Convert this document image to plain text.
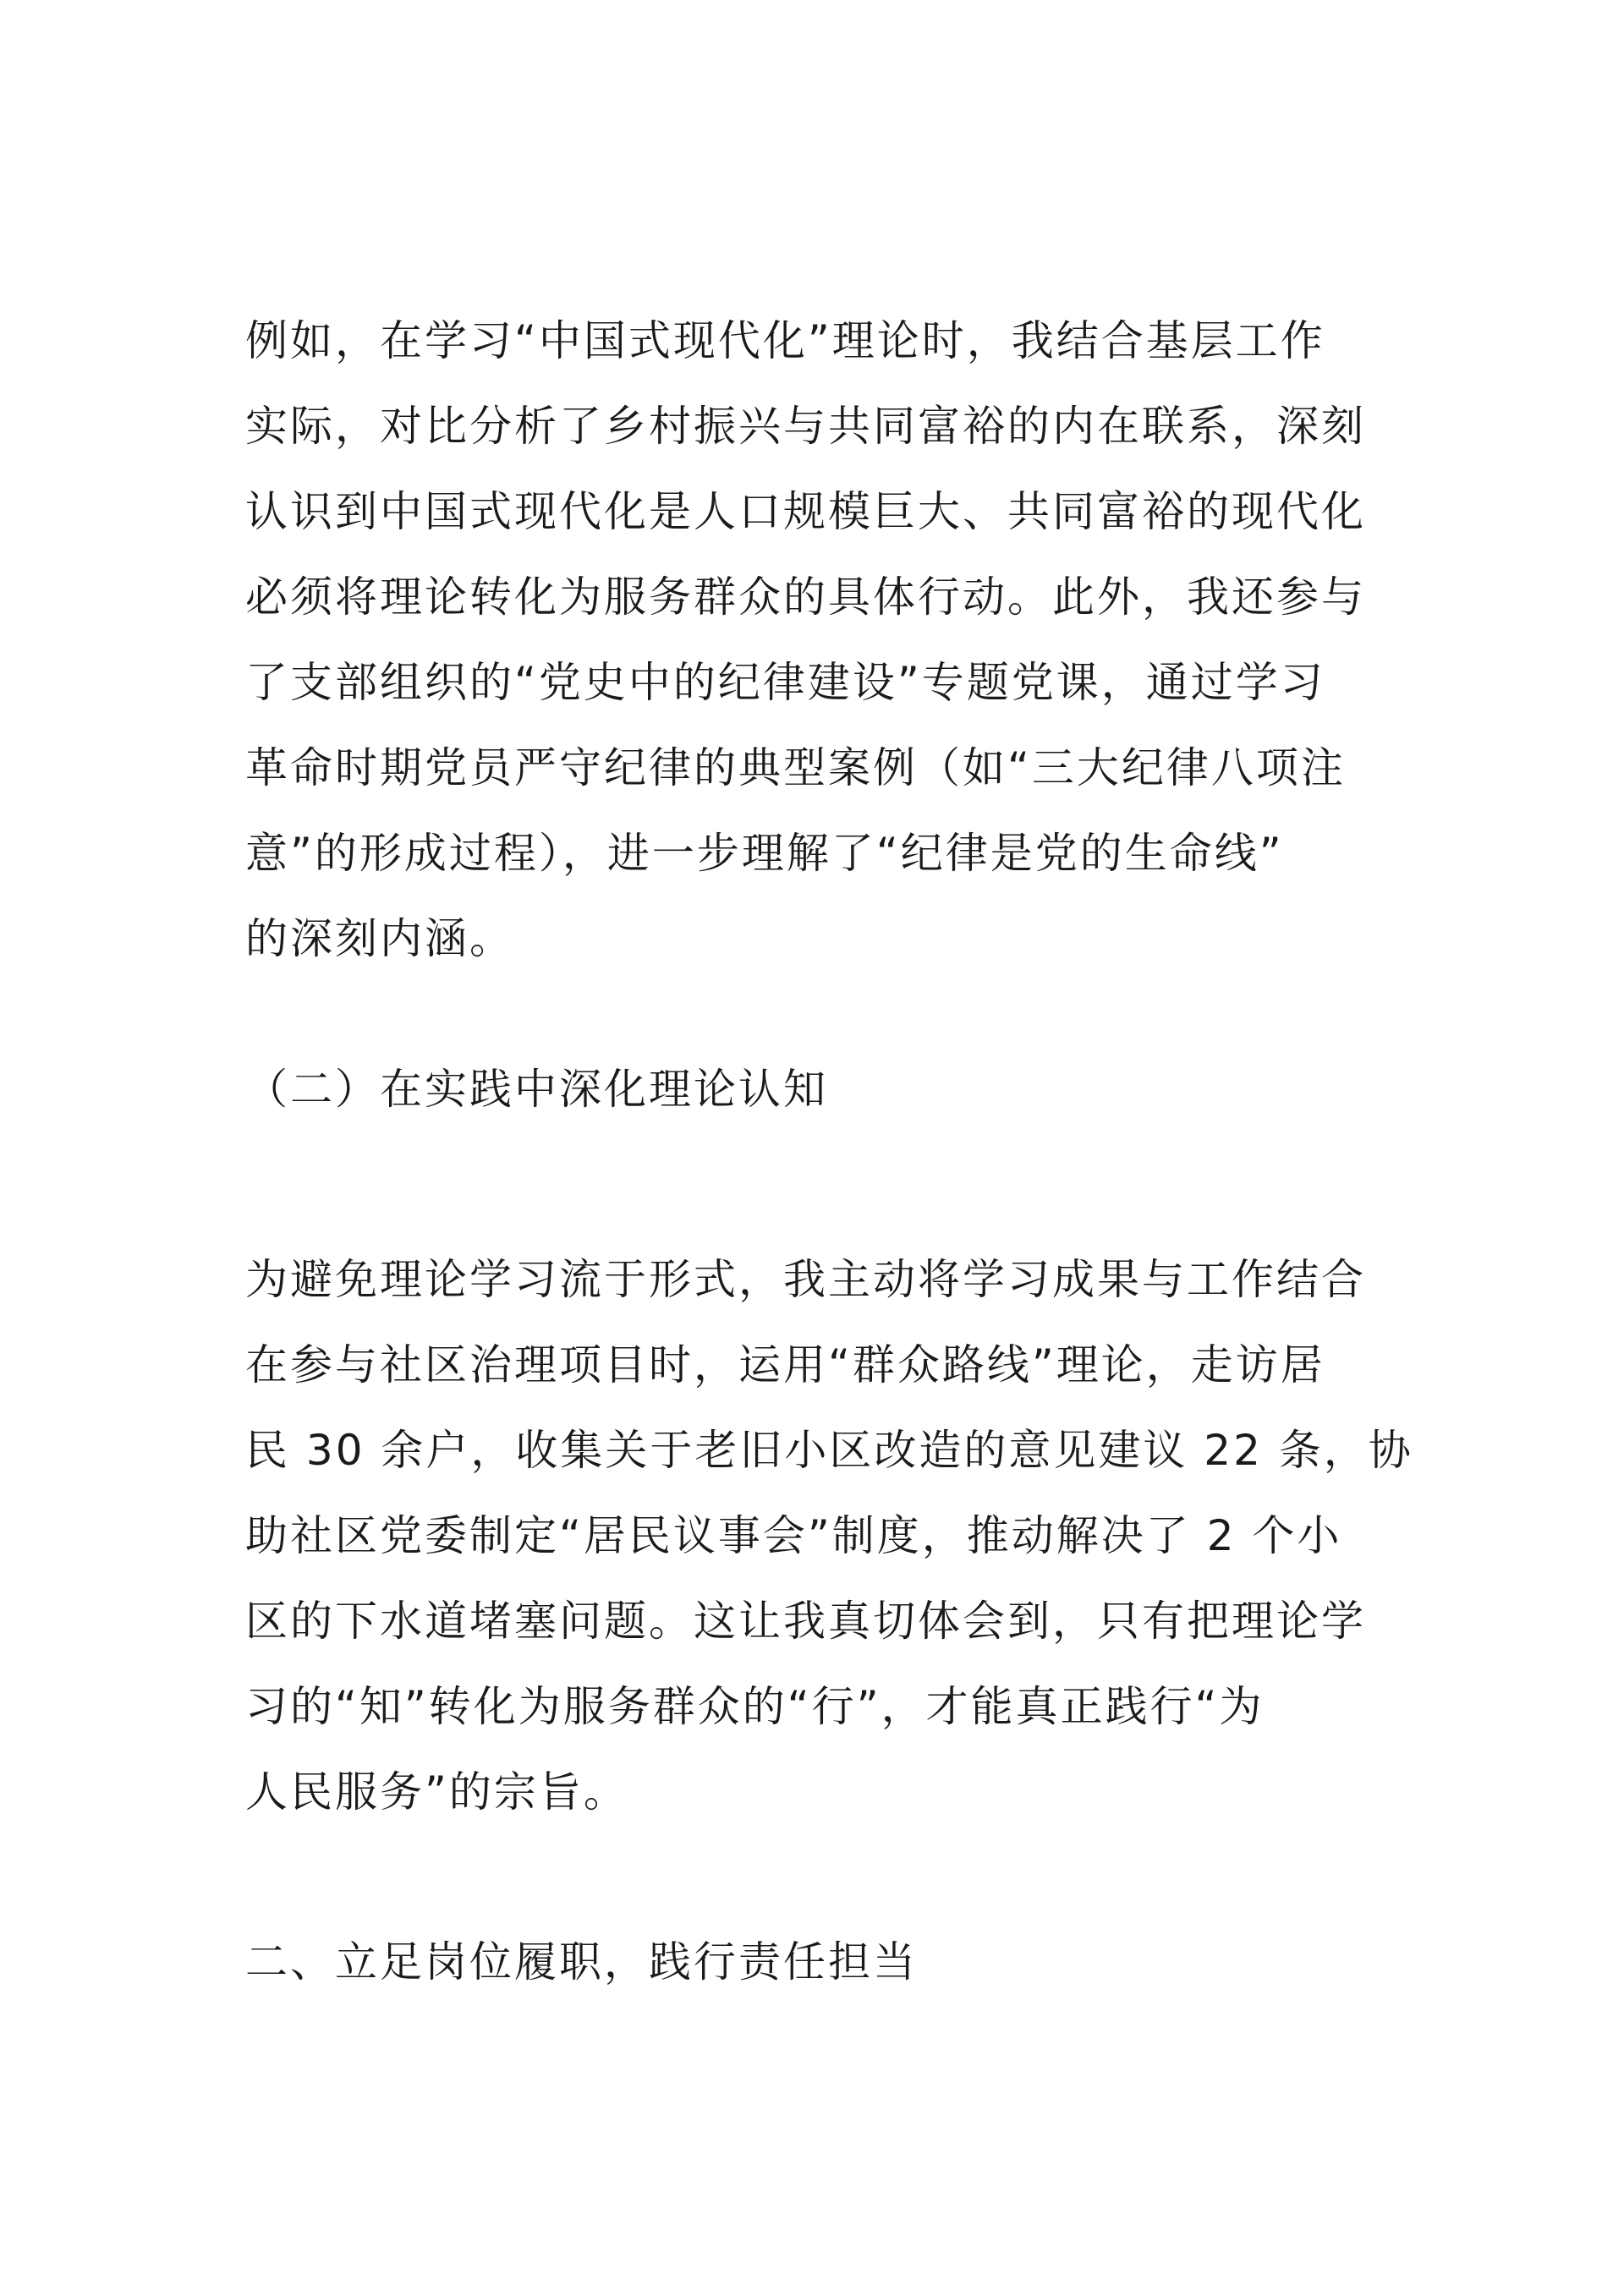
例如，在学习“中国式现代化”理论时，我结合基层工作

实际，对比分析了乡村振兴与共同富裕的内在联系，深刻

认识到中国式现代化是人口规模巨大、共同富裕的现代化

必须将理论转化为服务群众的具体行动。此外，我还参与

了支部组织的“党史中的纪律建设”专题党课，通过学习

革命时期党员严守纪律的典型案例（如“三大纪律八项注

意”的形成过程），进一步理解了“纪律是党的生命线”

的深刻内涵。

（二）在实践中深化理论认知

为避免理论学习流于形式，我主动将学习成果与工作结合

在参与社区治理项目时，运用“群众路线”理论，走访居

民 30 余户，收集关于老旧小区改造的意见建议 22 条，协

助社区党委制定“居民议事会”制度，推动解决了 2 个小

区的下水道堵塞问题。这让我真切体会到，只有把理论学

习的“知”转化为服务群众的“行”，才能真正践行“为

人民服务”的宗旨。

二、立足岗位履职，践行责任担当
